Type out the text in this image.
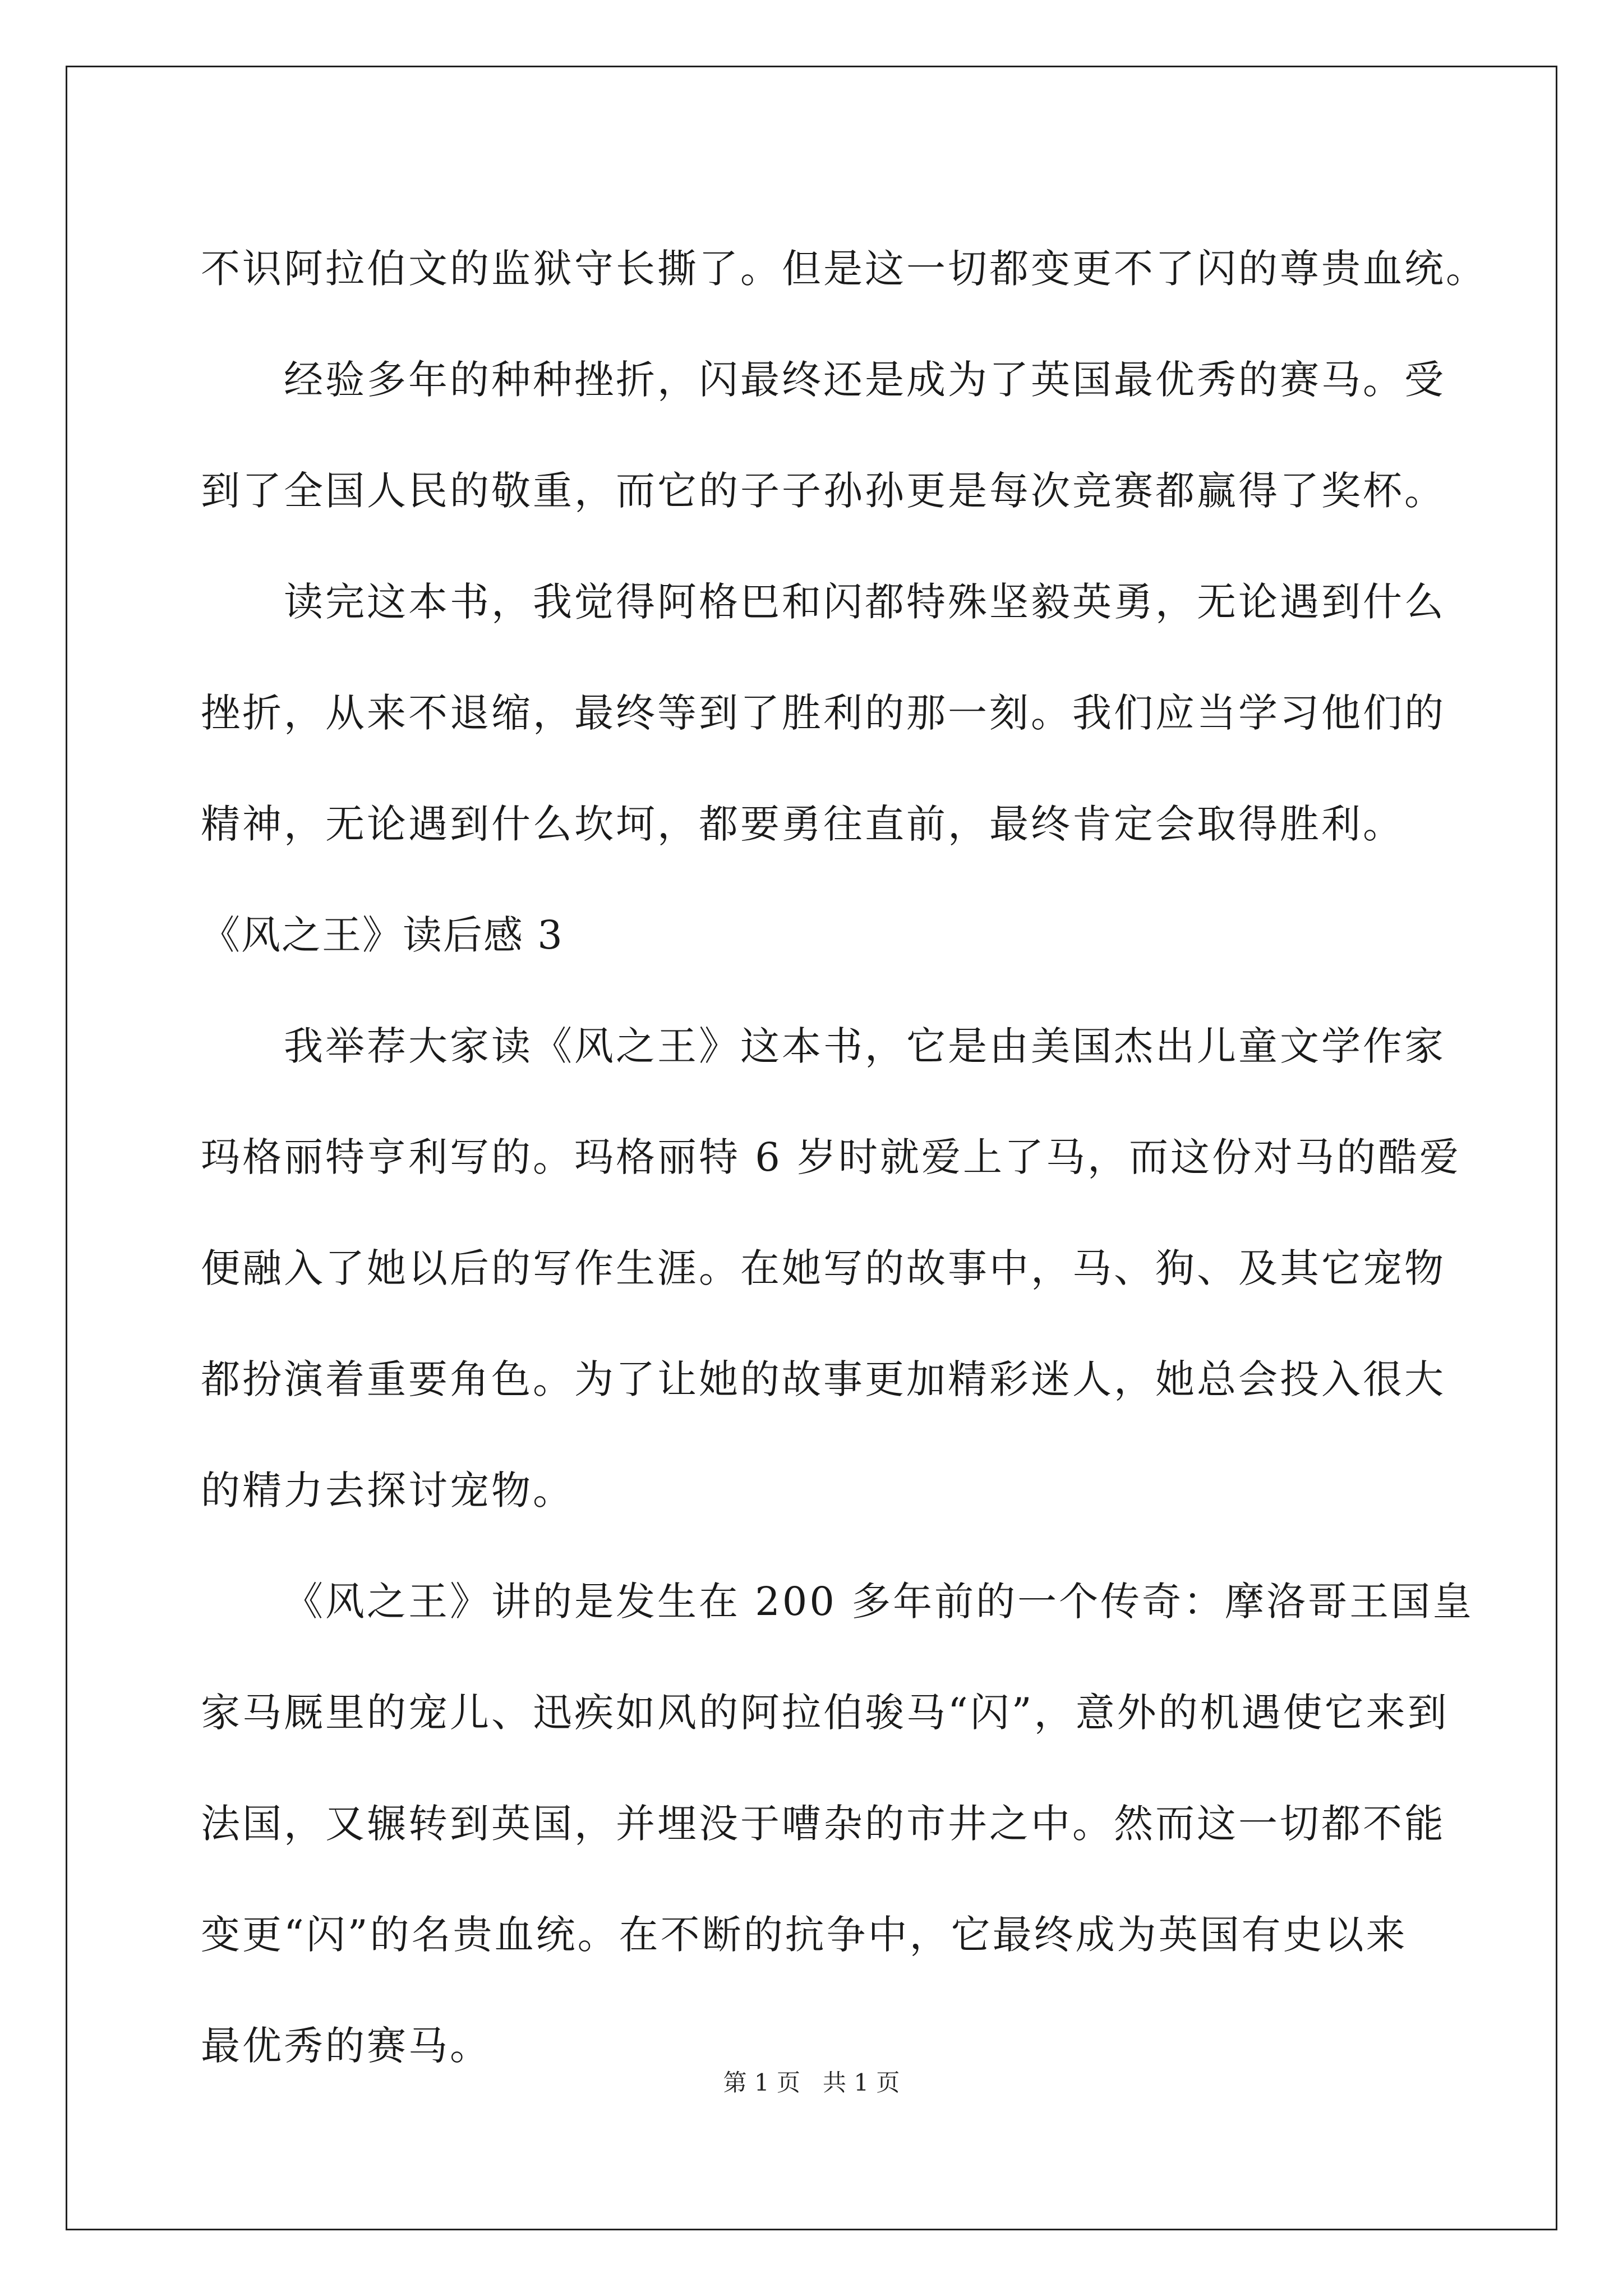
不识阿拉伯文的监狱守长撕了。但是这一切都变更不了闪的尊贵血统。
经验多年的种种挫折，闪最终还是成为了英国最优秀的赛马。受
到了全国人民的敬重，而它的子子孙孙更是每次竞赛都赢得了奖杯。
读完这本书，我觉得阿格巴和闪都特殊坚毅英勇，无论遇到什么
挫折，从来不退缩，最终等到了胜利的那一刻。我们应当学习他们的
精神，无论遇到什么坎坷，都要勇往直前，最终肯定会取得胜利。
《风之王》读后感 3
我举荐大家读《风之王》这本书，它是由美国杰出儿童文学作家
玛格丽特亨利写的。玛格丽特 6 岁时就爱上了马，而这份对马的酷爱
便融入了她以后的写作生涯。在她写的故事中，马、狗、及其它宠物
都扮演着重要角色。为了让她的故事更加精彩迷人，她总会投入很大
的精力去探讨宠物。
《风之王》讲的是发生在 200 多年前的一个传奇：摩洛哥王国皇
家马厩里的宠儿、迅疾如风的阿拉伯骏马“闪”，意外的机遇使它来到
法国，又辗转到英国，并埋没于嘈杂的市井之中。然而这一切都不能
变更“闪”的名贵血统。在不断的抗争中，它最终成为英国有史以来
最优秀的赛马。
第 1 页 共 1 页
